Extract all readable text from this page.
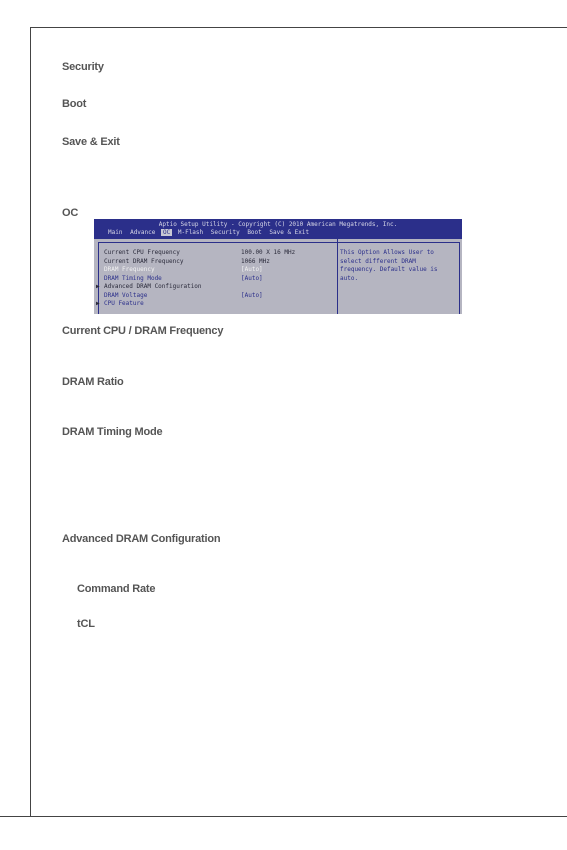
Security
Boot
Save & Exit
OC
Aptio Setup Utility - Copyright (C) 2010 American Megatrends, Inc.
Main Advance OC M-Flash Security Boot Save & Exit
Current CPU Frequency	100.00 X 16 MHz
Current DRAM Frequency	1066 MHz
DRAM Frequency	[Auto]
DRAM Timing Mode	[Auto]
▶ Advanced DRAM Configuration
DRAM Voltage	[Auto]
▶ CPU Feature
This Option Allows User to
select different DRAM
frequency. Default value is
auto.
Current CPU / DRAM Frequency
DRAM Ratio
DRAM Timing Mode
Advanced DRAM Configuration
Command Rate
tCL
